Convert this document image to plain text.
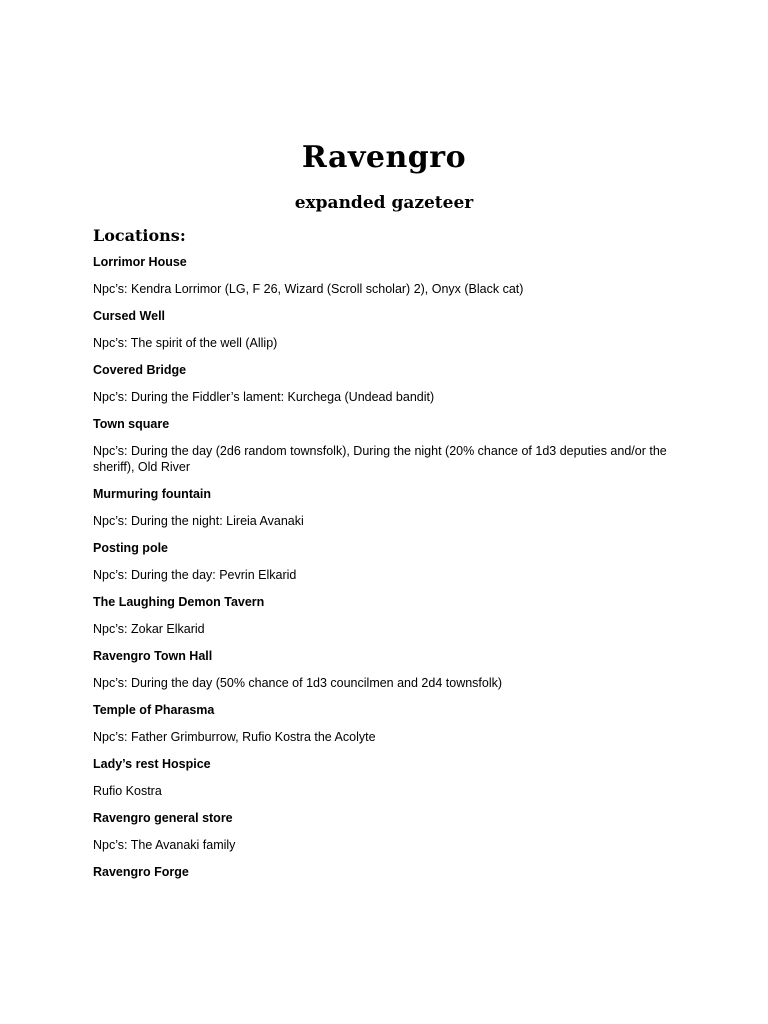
Ravengro
expanded gazeteer
Locations:
Lorrimor House
Npc’s: Kendra Lorrimor (LG, F 26, Wizard (Scroll scholar) 2), Onyx (Black cat)
Cursed Well
Npc’s: The spirit of the well (Allip)
Covered Bridge
Npc’s: During the Fiddler’s lament: Kurchega (Undead bandit)
Town square
Npc’s: During the day (2d6 random townsfolk), During the night (20% chance of 1d3 deputies and/or the sheriff), Old River
Murmuring fountain
Npc’s: During the night: Lireia Avanaki
Posting pole
Npc’s: During the day: Pevrin Elkarid
The Laughing Demon Tavern
Npc’s: Zokar Elkarid
Ravengro Town Hall
Npc’s: During the day (50% chance of 1d3 councilmen and 2d4 townsfolk)
Temple of Pharasma
Npc’s: Father Grimburrow, Rufio Kostra the Acolyte
Lady’s rest Hospice
Rufio Kostra
Ravengro general store
Npc’s: The Avanaki family
Ravengro Forge
